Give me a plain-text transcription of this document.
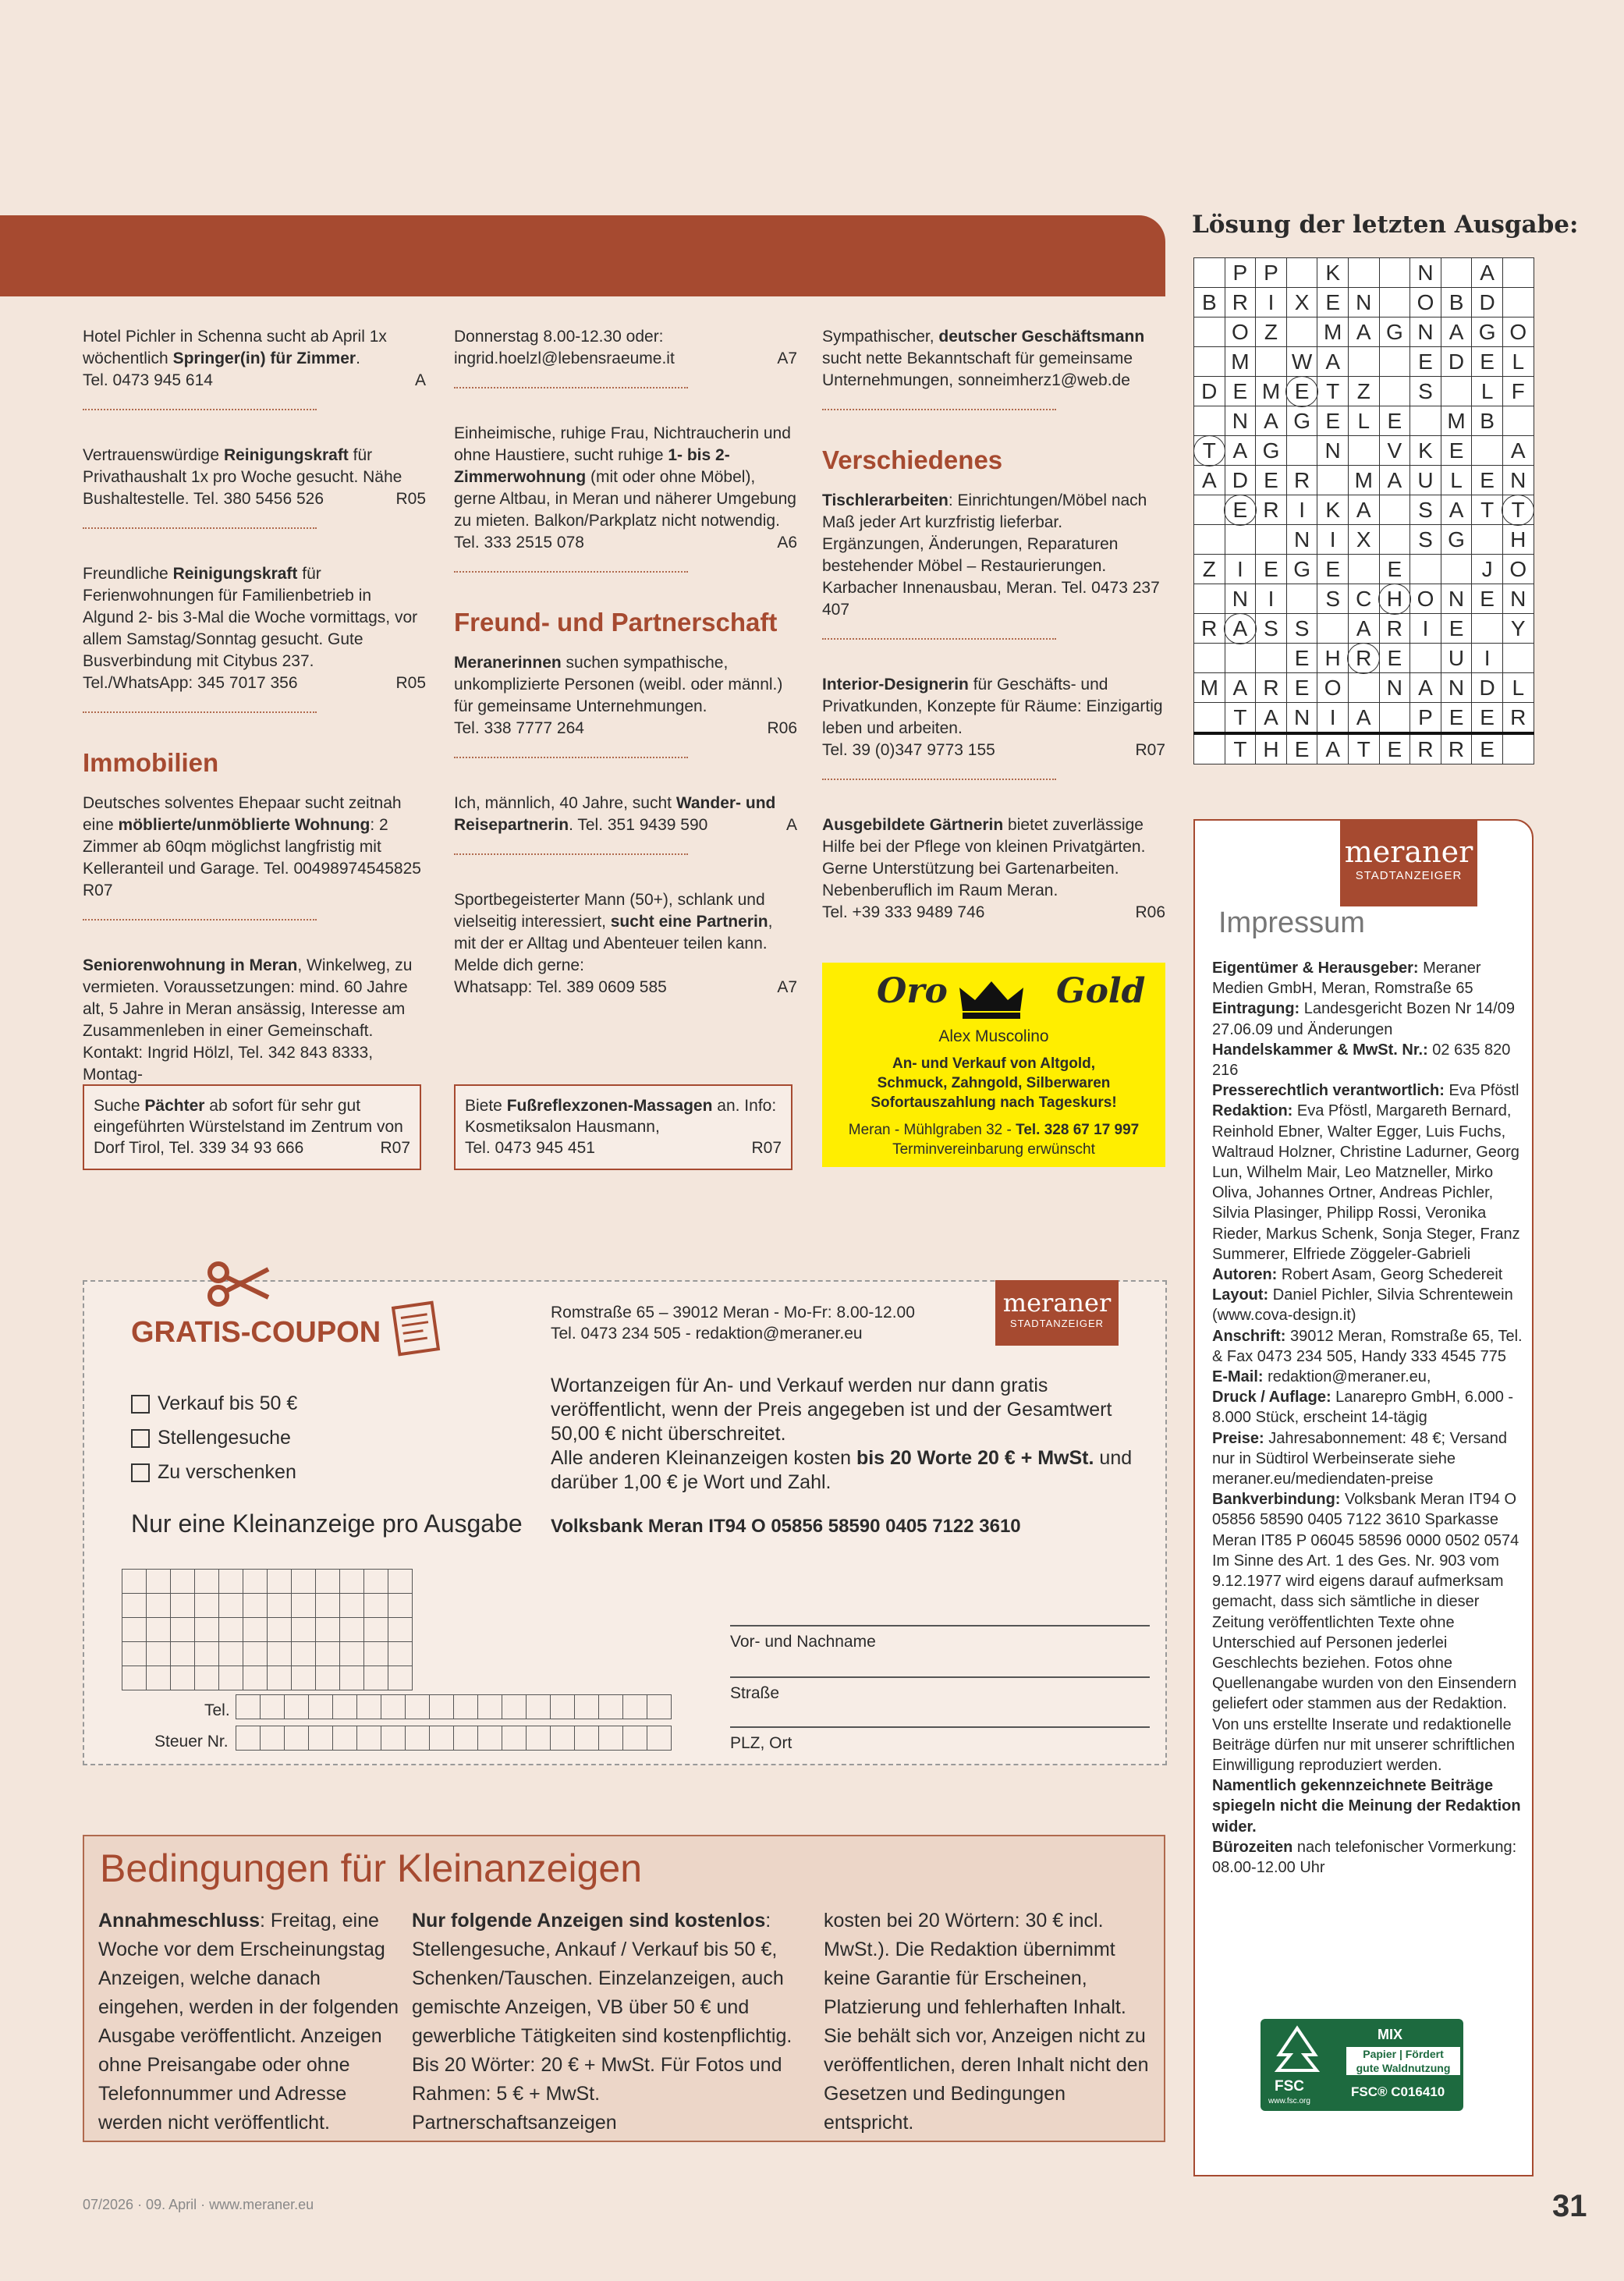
Hotel Pichler in Schenna sucht ab April 1x wöchentlich Springer(in) für Zimmer.
Tel. 0473 945 614	A
Vertrauenswürdige Reinigungskraft für Privathaushalt 1x pro Woche gesucht. Nähe Bushaltestelle. Tel. 380 5456 526	R05
Freundliche Reinigungskraft für Ferienwohnungen für Familienbetrieb in Algund 2- bis 3-Mal die Woche vormittags, vor allem Samstag/Sonntag gesucht. Gute Busverbindung mit Citybus 237.
Tel./WhatsApp: 345 7017 356	R05
Immobilien
Deutsches solventes Ehepaar sucht zeitnah eine möblierte/unmöblierte Wohnung: 2 Zimmer ab 60qm möglichst langfristig mit Kelleranteil und Garage. Tel. 00498974545825
R07
Seniorenwohnung in Meran, Winkelweg, zu vermieten. Voraussetzungen: mind. 60 Jahre alt, 5 Jahre in Meran ansässig, Interesse am Zusammenleben in einer Gemeinschaft. Kontakt: Ingrid Hölzl, Tel. 342 843 8333, Montag-
Donnerstag 8.00-12.30 oder: ingrid.hoelzl@lebensraeume.it	A7
Einheimische, ruhige Frau, Nichtraucherin und ohne Haustiere, sucht ruhige 1- bis 2-Zimmerwohnung (mit oder ohne Möbel), gerne Altbau, in Meran und näherer Umgebung zu mieten. Balkon/Parkplatz nicht notwendig. Tel. 333 2515 078	A6
Freund- und Partnerschaft
Meranerinnen suchen sympathische, unkomplizierte Personen (weibl. oder männl.) für gemeinsame Unternehmungen.
Tel. 338 7777 264	R06
Ich, männlich, 40 Jahre, sucht Wander- und Reisepartnerin. Tel. 351 9439 590	A
Sportbegeisterter Mann (50+), schlank und vielseitig interessiert, sucht eine Partnerin, mit der er Alltag und Abenteuer teilen kann. Melde dich gerne:
Whatsapp: Tel. 389 0609 585	A7
Sympathischer, deutscher Geschäftsmann sucht nette Bekanntschaft für gemeinsame Unternehmungen, sonneimherz1@web.de
Verschiedenes
Tischlerarbeiten: Einrichtungen/Möbel nach Maß jeder Art kurzfristig lieferbar. Ergänzungen, Änderungen, Reparaturen bestehender Möbel – Restaurierungen. Karbacher Innenausbau, Meran. Tel. 0473 237 407
Interior-Designerin für Geschäfts- und Privatkunden, Konzepte für Räume: Einzigartig leben und arbeiten.
Tel. 39 (0)347 9773 155	R07
Ausgebildete Gärtnerin bietet zuverlässige Hilfe bei der Pflege von kleinen Privatgärten. Gerne Unterstützung bei Gartenarbeiten. Nebenberuflich im Raum Meran.
Tel. +39 333 9489 746	R06
Suche Pächter ab sofort für sehr gut eingeführten Würstelstand im Zentrum von Dorf Tirol, Tel. 339 34 93 666	R07
Biete Fußreflexzonen-Massagen an. Info: Kosmetiksalon Hausmann,
Tel. 0473 945 451	R07
Oro	Gold
Alex Muscolino
An- und Verkauf von Altgold,
Schmuck, Zahngold, Silberwaren
Sofortauszahlung nach Tageskurs!
Meran - Mühlgraben 32 - Tel. 328 67 17 997
Terminvereinbarung erwünscht
GRATIS-COUPON
Verkauf bis 50 €
Stellengesuche
Zu verschenken
Nur eine Kleinanzeige pro Ausgabe
Romstraße 65 – 39012 Meran - Mo-Fr: 8.00-12.00
Tel. 0473 234 505 - redaktion@meraner.eu
meraner
STADTANZEIGER
Wortanzeigen für An- und Verkauf werden nur dann gratis veröffentlicht, wenn der Preis angegeben ist und der Gesamtwert 50,00 € nicht überschreitet.
Alle anderen Kleinanzeigen kosten bis 20 Worte 20 € + MwSt. und darüber 1,00 € je Wort und Zahl.
Volksbank Meran IT94 O 05856 58590 0405 7122 3610
Tel.
Steuer Nr.
Vor- und Nachname
Straße
PLZ, Ort

Bedingungen für Kleinanzeigen
Annahmeschluss: Freitag, eine Woche vor dem Erscheinungstag Anzeigen, welche danach eingehen, werden in der folgenden Ausgabe veröffentlicht. Anzeigen ohne Preisangabe oder ohne Telefonnummer und Adresse werden nicht veröffentlicht.
Nur folgende Anzeigen sind kostenlos: Stellengesuche, Ankauf / Verkauf bis 50 €, Schenken/Tauschen. Einzelanzeigen, auch gemischte Anzeigen, VB über 50 € und gewerbliche Tätigkeiten sind kostenpflichtig. Bis 20 Wörter: 20 € + MwSt. Für Fotos und Rahmen: 5 € + MwSt. Partnerschaftsanzeigen
kosten bei 20 Wörtern: 30 € incl. MwSt.). Die Redaktion übernimmt keine Garantie für Erscheinen, Platzierung und fehlerhaften Inhalt. Sie behält sich vor, Anzeigen nicht zu veröffentlichen, deren Inhalt nicht den Gesetzen und Bedingungen entspricht.
Lösung der letzten Ausgabe:
	P	P		K			N		A	
B	R	I	X	E	N		O	B	D	
	O	Z		M	A	G	N	A	G	O
	M		W	A			E	D	E	L
D	E	M	E	T	Z		S		L	F
	N	A	G	E	L	E		M	B	
T	A	G		N		V	K	E		A
A	D	E	R		M	A	U	L	E	N
	E	R	I	K	A		S	A	T	T
			N	I	X		S	G		H
Z	I	E	G	E		E			J	O
	N	I		S	C	H	O	N	E	N
R	A	S	S		A	R	I	E		Y
			E	H	R	E		U	I	
M	A	R	E	O		N	A	N	D	L
	T	A	N	I	A		P	E	E	R
	T	H	E	A	T	E	R	R	E	
meraner
STADTANZEIGER
Impressum
Eigentümer & Herausgeber: Meraner Medien GmbH, Meran, Romstraße 65
Eintragung: Landesgericht Bozen Nr 14/09 27.06.09 und Änderungen
Handelskammer & MwSt. Nr.: 02 635 820 216
Presserechtlich verantwortlich: Eva Pföstl
Redaktion: Eva Pföstl, Margareth Bernard, Reinhold Ebner, Walter Egger, Luis Fuchs, Waltraud Holzner, Christine Ladurner, Georg Lun, Wilhelm Mair, Leo Matzneller, Mirko Oliva, Johannes Ortner, Andreas Pichler, Silvia Plasinger, Philipp Rossi, Veronika Rieder, Markus Schenk, Sonja Steger, Franz Summerer, Elfriede Zöggeler-Gabrieli
Autoren: Robert Asam, Georg Schedereit
Layout: Daniel Pichler, Silvia Schrentewein (www.cova-design.it)
Anschrift: 39012 Meran, Romstraße 65, Tel. & Fax 0473 234 505, Handy 333 4545 775
E-Mail: redaktion@meraner.eu,
Druck / Auflage: Lanarepro GmbH, 6.000 - 8.000 Stück, erscheint 14-tägig
Preise: Jahresabonnement: 48 €; Versand nur in Südtirol Werbeinserate siehe meraner.eu/mediendaten-preise
Bankverbindung: Volksbank Meran IT94 O 05856 58590 0405 7122 3610 Sparkasse Meran IT85 P 06045 58596 0000 0502 0574 Im Sinne des Art. 1 des Ges. Nr. 903 vom 9.12.1977 wird eigens darauf aufmerksam gemacht, dass sich sämtliche in dieser Zeitung veröffentlichten Texte ohne Unterschied auf Personen jederlei Geschlechts beziehen. Fotos ohne Quellenangabe wurden von den Einsendern geliefert oder stammen aus der Redaktion. Von uns erstellte Inserate und redaktionelle Beiträge dürfen nur mit unserer schriftlichen Einwilligung reproduziert werden.
Namentlich gekennzeichnete Beiträge spiegeln nicht die Meinung der Redaktion wider.
Bürozeiten nach telefonischer Vormerkung: 08.00-12.00 Uhr
FSC
www.fsc.org
MIX
Papier | Fördert
gute Waldnutzung
FSC® C016410
07/2026 · 09. April · www.meraner.eu	31
